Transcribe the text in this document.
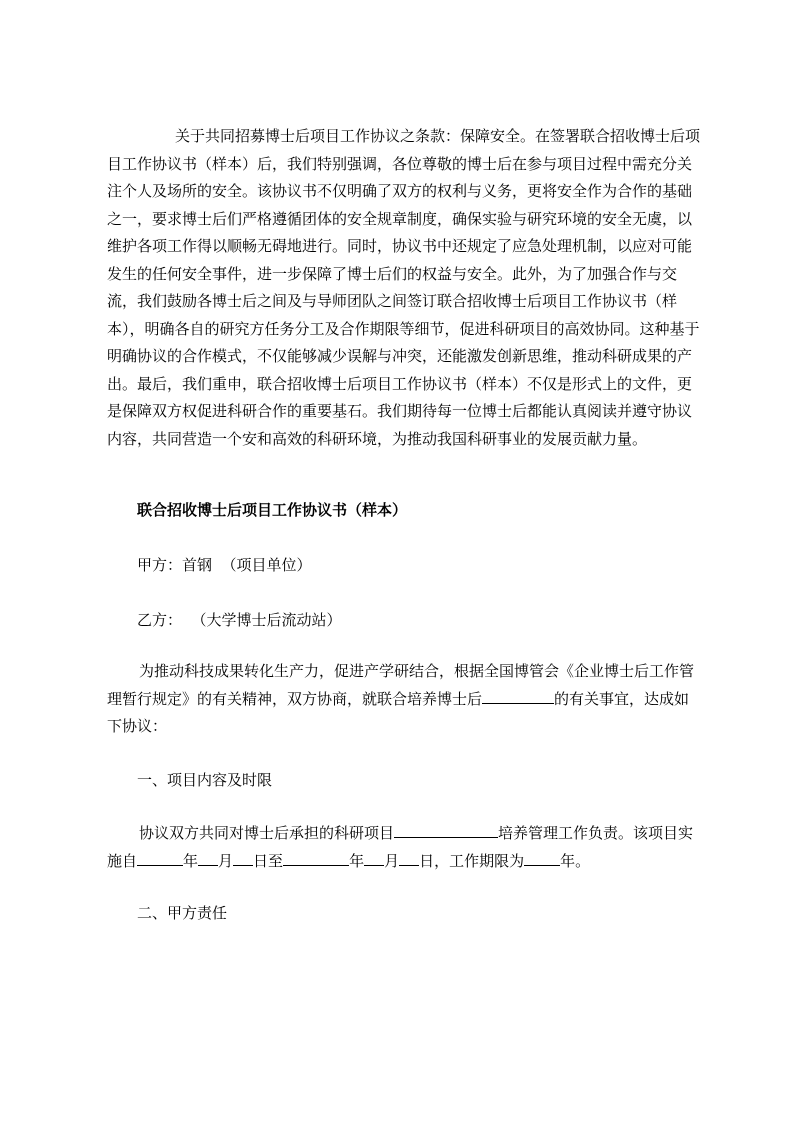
关于共同招募博士后项目工作协议之条款：保障安全。在签署联合招收博士后项目工作协议书（样本）后，我们特别强调，各位尊敬的博士后在参与项目过程中需充分关注个人及场所的安全。该协议书不仅明确了双方的权利与义务，更将安全作为合作的基础之一，要求博士后们严格遵循团体的安全规章制度，确保实验与研究环境的安全无虞，以维护各项工作得以顺畅无碍地进行。同时，协议书中还规定了应急处理机制，以应对可能发生的任何安全事件，进一步保障了博士后们的权益与安全。此外，为了加强合作与交流，我们鼓励各博士后之间及与导师团队之间签订联合招收博士后项目工作协议书（样本），明确各自的研究方任务分工及合作期限等细节，促进科研项目的高效协同。这种基于明确协议的合作模式，不仅能够减少误解与冲突，还能激发创新思维，推动科研成果的产出。最后，我们重申，联合招收博士后项目工作协议书（样本）不仅是形式上的文件，更是保障双方权促进科研合作的重要基石。我们期待每一位博士后都能认真阅读并遵守协议内容，共同营造一个安和高效的科研环境，为推动我国科研事业的发展贡献力量。

联合招收博士后项目工作协议书（样本）
甲方：首钢  （项目单位）
乙方：  （大学博士后流动站）

为推动科技成果转化生产力，促进产学研结合，根据全国博管会《企业博士后工作管理暂行规定》的有关精神，双方协商，就联合培养博士后	的有关事宜，达成如下协议：

一、项目内容及时限

协议双方共同对博士后承担的科研项目	培养管理工作负责。该项目实施自	年 月 日至	年 月 日，工作期限为 年。

二、甲方责任
